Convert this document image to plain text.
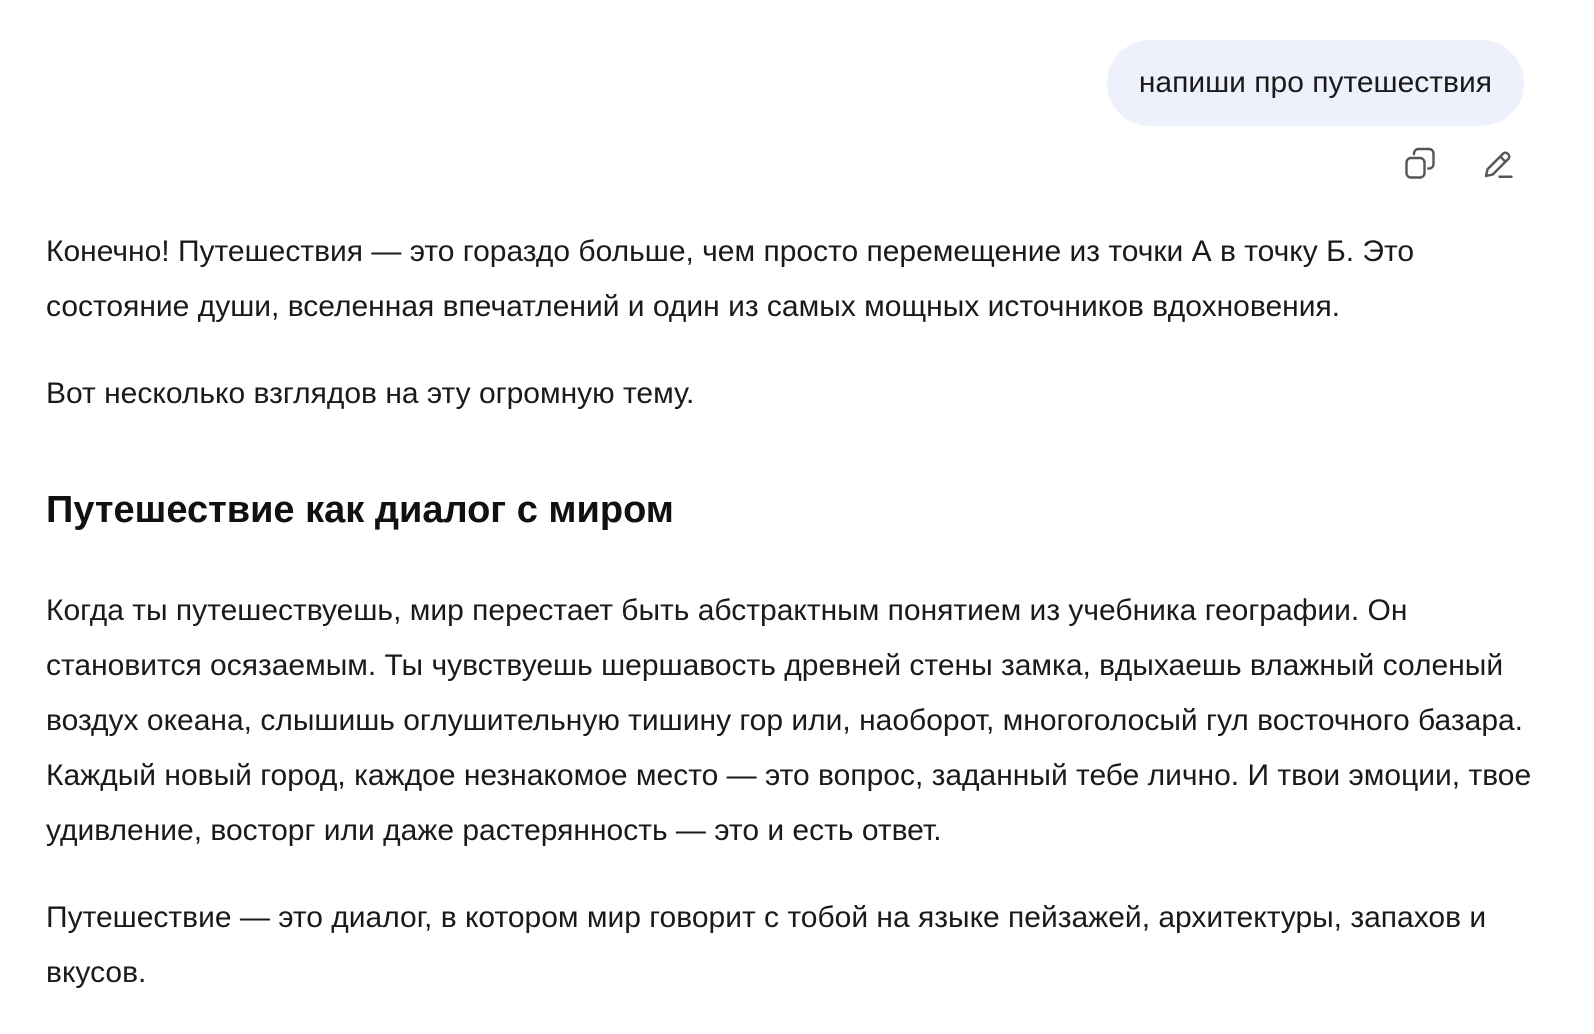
напиши про путешествия

Конечно! Путешествия — это гораздо больше, чем просто перемещение из точки А в точку Б. Это состояние души, вселенная впечатлений и один из самых мощных источников вдохновения.

Вот несколько взглядов на эту огромную тему.

Путешествие как диалог с миром

Когда ты путешествуешь, мир перестает быть абстрактным понятием из учебника географии. Он становится осязаемым. Ты чувствуешь шершавость древней стены замка, вдыхаешь влажный соленый воздух океана, слышишь оглушительную тишину гор или, наоборот, многоголосый гул восточного базара. Каждый новый город, каждое незнакомое место — это вопрос, заданный тебе лично. И твои эмоции, твое удивление, восторг или даже растерянность — это и есть ответ.

Путешествие — это диалог, в котором мир говорит с тобой на языке пейзажей, архитектуры, запахов и вкусов.
